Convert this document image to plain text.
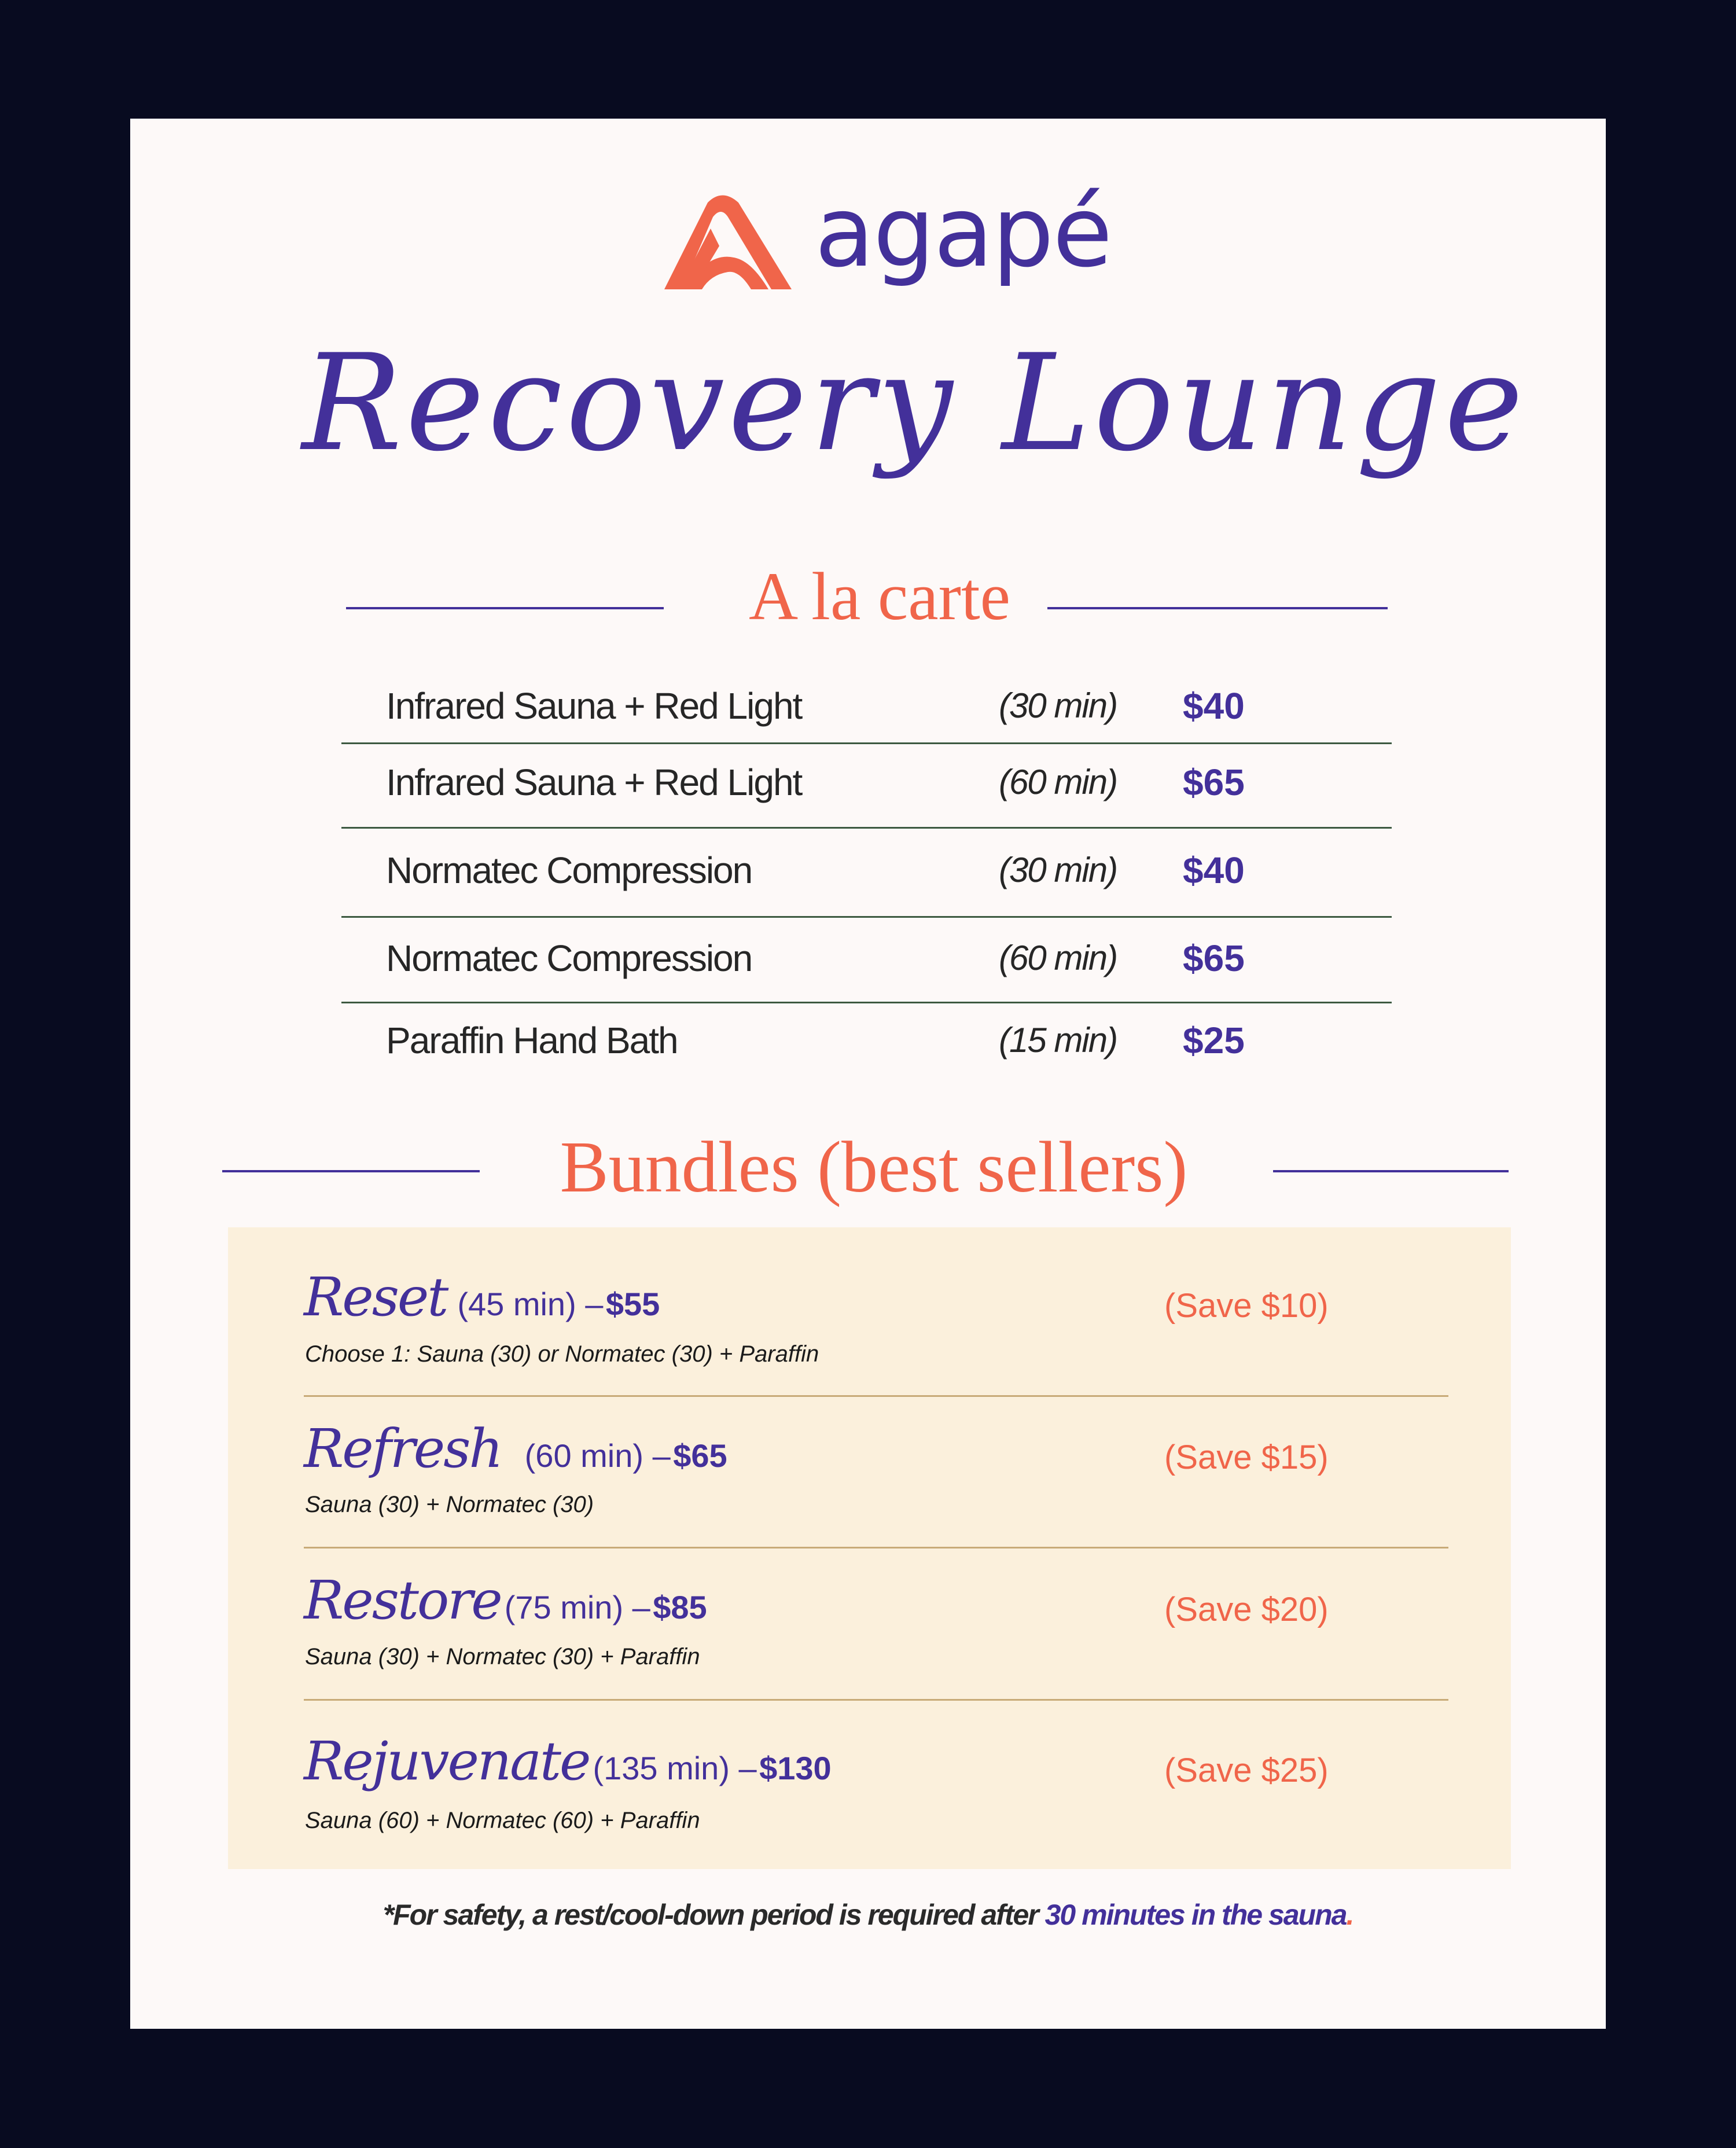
agapé
Recovery Lounge
A la carte
Infrared Sauna + Red Light	(30 min) $40
Infrared Sauna + Red Light	(60 min) $65
Normatec Compression	(30 min) $40
Normatec Compression	(60 min) $65
Paraffin Hand Bath	(15 min) $25
Bundles (best sellers)
Reset (45 min) – $55
Choose 1: Sauna (30) or Normatec (30) + Paraffin
(Save $10)
Refresh (60 min) – $65
Sauna (30) + Normatec (30)
(Save $15)
Restore (75 min) – $85
Sauna (30) + Normatec (30) + Paraffin
(Save $20)
Rejuvenate (135 min) – $130
Sauna (60) + Normatec (60) + Paraffin
(Save $25)
*For safety, a rest/cool-down period is required after 30 minutes in the sauna.
